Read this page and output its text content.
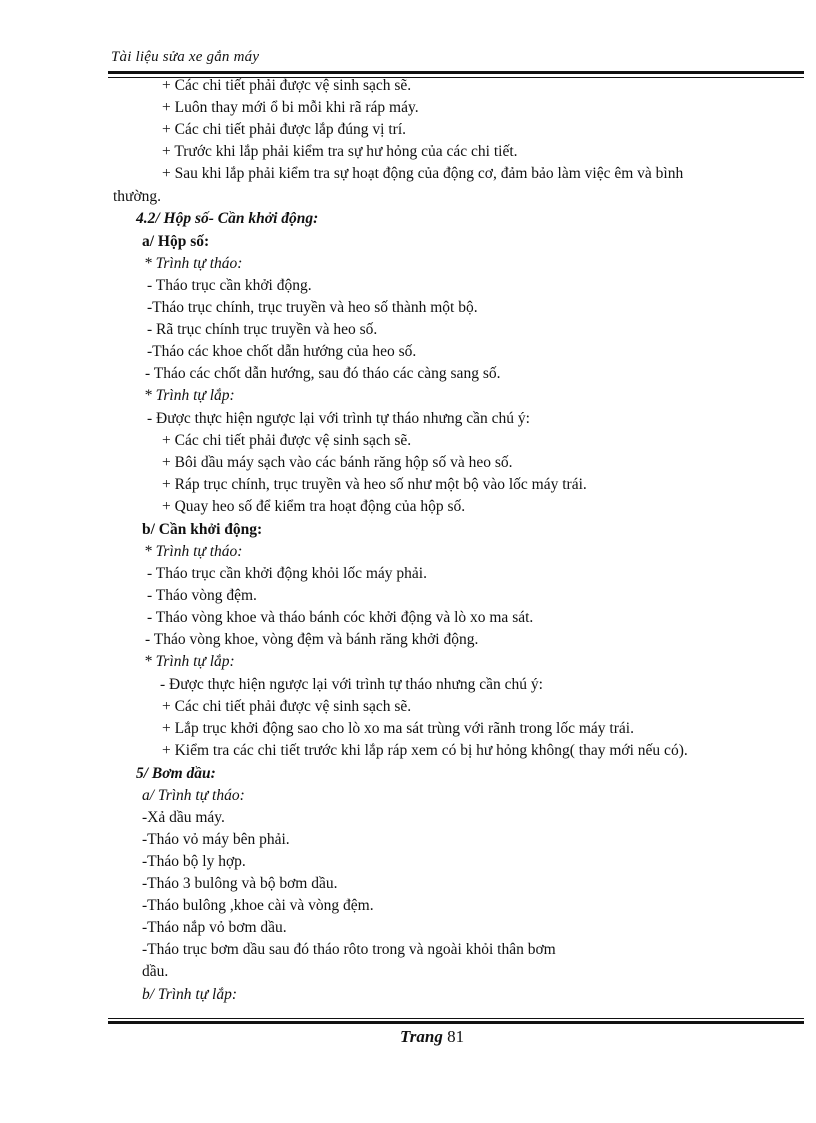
Tài liệu sửa xe gắn máy
+ Các chi tiết phải được vệ sinh sạch sẽ.
+ Luôn thay mới ổ bi mỗi khi rã ráp máy.
+ Các chi tiết phải được lắp đúng vị trí.
+ Trước khi lắp phải kiểm tra sự hư hỏng của các chi tiết.
+ Sau khi lắp phải kiểm tra sự hoạt động của động cơ, đảm bảo làm việc êm và bình
thường.
4.2/ Hộp số- Cần khởi động:
a/ Hộp số:
* Trình tự tháo:
- Tháo trục cần khởi động.
-Tháo trục chính, trục truyền và heo số thành một bộ.
- Rã trục chính trục truyền và heo số.
-Tháo các khoe chốt dẫn hướng của heo số.
- Tháo các chốt dẫn hướng, sau đó tháo các càng sang số.
* Trình tự lắp:
- Được thực hiện ngược lại với trình tự tháo nhưng cần chú ý:
+ Các chi tiết phải được vệ sinh sạch sẽ.
+ Bôi dầu máy sạch vào các bánh răng hộp số và heo số.
+ Ráp trục chính, trục truyền và heo số như một bộ vào lốc máy trái.
+ Quay heo số để kiểm tra hoạt động của hộp số.
b/ Cần khởi động:
* Trình tự tháo:
- Tháo trục cần khởi động khỏi lốc máy phải.
- Tháo vòng đệm.
- Tháo vòng khoe và tháo bánh cóc khởi động và lò xo ma sát.
- Tháo vòng khoe, vòng đệm và bánh răng khởi động.
* Trình tự lắp:
- Được thực hiện ngược lại với trình tự tháo nhưng cần chú ý:
+ Các chi tiết phải được vệ sinh sạch sẽ.
+ Lắp trục khởi động sao cho lò xo ma sát trùng với rãnh trong lốc máy trái.
+ Kiểm tra các chi tiết trước khi lắp ráp xem có bị hư hỏng không( thay mới nếu có).
5/ Bơm dầu:
a/ Trình tự tháo:
-Xả dầu máy.
-Tháo vỏ máy bên phải.
-Tháo bộ ly hợp.
-Tháo 3 bulông và bộ bơm dầu.
-Tháo bulông ,khoe cài và vòng đệm.
-Tháo nắp vỏ bơm dầu.
-Tháo trục bơm dầu sau đó tháo rôto trong và ngoài khỏi thân bơm
dầu.
b/ Trình tự lắp:
Trang 81
